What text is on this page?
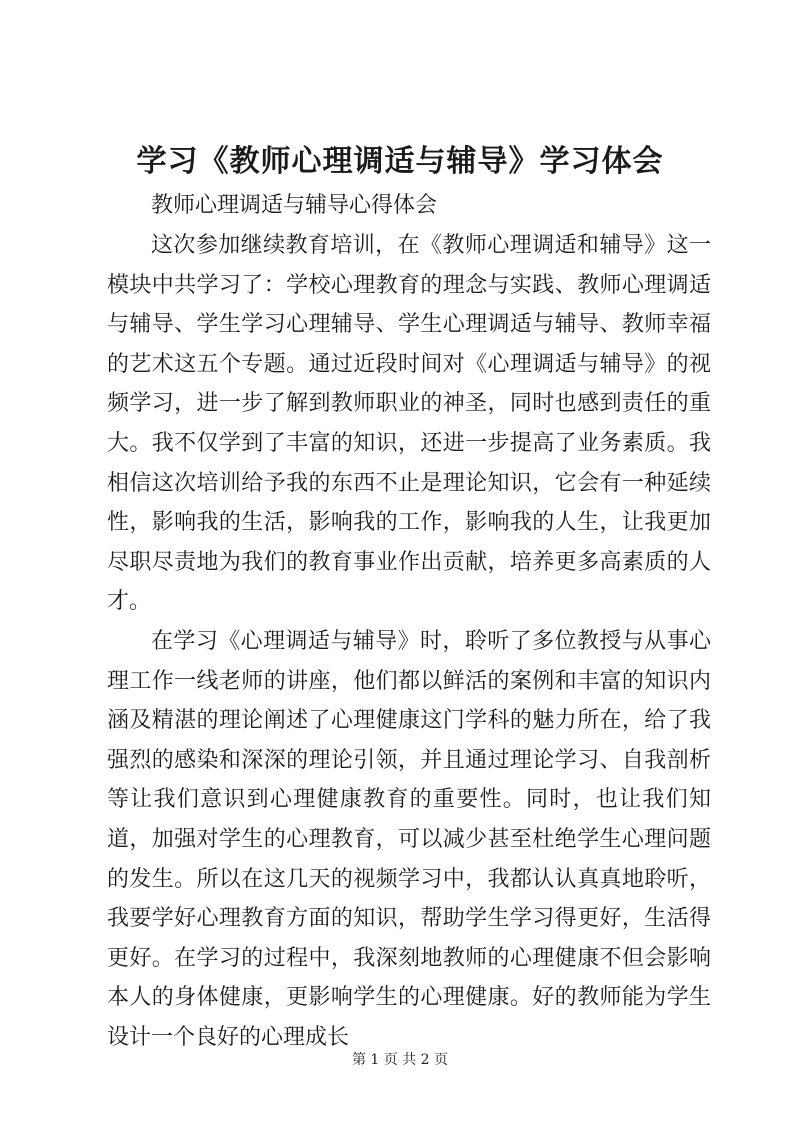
学习《教师心理调适与辅导》学习体会

教师心理调适与辅导心得体会

这次参加继续教育培训，在《教师心理调适和辅导》这一模块中共学习了：学校心理教育的理念与实践、教师心理调适与辅导、学生学习心理辅导、学生心理调适与辅导、教师幸福的艺术这五个专题。通过近段时间对《心理调适与辅导》的视频学习，进一步了解到教师职业的神圣，同时也感到责任的重大。我不仅学到了丰富的知识，还进一步提高了业务素质。我相信这次培训给予我的东西不止是理论知识，它会有一种延续性，影响我的生活，影响我的工作，影响我的人生，让我更加尽职尽责地为我们的教育事业作出贡献，培养更多高素质的人才。

在学习《心理调适与辅导》时，聆听了多位教授与从事心理工作一线老师的讲座，他们都以鲜活的案例和丰富的知识内涵及精湛的理论阐述了心理健康这门学科的魅力所在，给了我强烈的感染和深深的理论引领，并且通过理论学习、自我剖析等让我们意识到心理健康教育的重要性。同时，也让我们知道，加强对学生的心理教育，可以减少甚至杜绝学生心理问题的发生。所以在这几天的视频学习中，我都认认真真地聆听，我要学好心理教育方面的知识，帮助学生学习得更好，生活得更好。在学习的过程中，我深刻地教师的心理健康不但会影响本人的身体健康，更影响学生的心理健康。好的教师能为学生设计一个良好的心理成长

第 1 页 共 2 页
